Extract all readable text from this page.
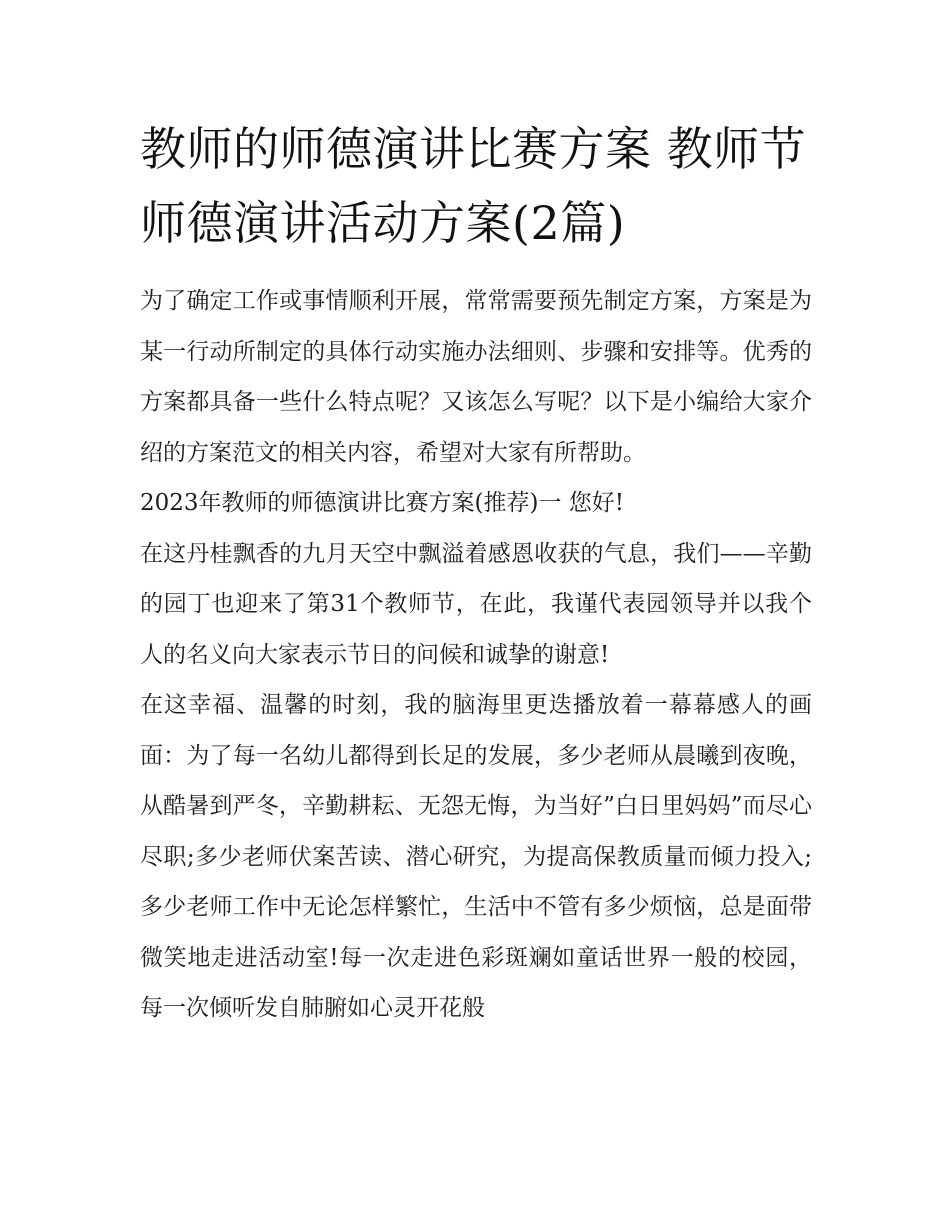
教师的师德演讲比赛方案 教师节师德演讲活动方案(2篇)

为了确定工作或事情顺利开展，常常需要预先制定方案，方案是为某一行动所制定的具体行动实施办法细则、步骤和安排等。优秀的方案都具备一些什么特点呢？又该怎么写呢？以下是小编给大家介绍的方案范文的相关内容，希望对大家有所帮助。

2023年教师的师德演讲比赛方案(推荐)一 您好!

在这丹桂飘香的九月天空中飘溢着感恩收获的气息，我们——辛勤的园丁也迎来了第31个教师节，在此，我谨代表园领导并以我个人的名义向大家表示节日的问候和诚挚的谢意!

在这幸福、温馨的时刻，我的脑海里更迭播放着一幕幕感人的画面：为了每一名幼儿都得到长足的发展，多少老师从晨曦到夜晚，从酷暑到严冬，辛勤耕耘、无怨无悔，为当好”白日里妈妈”而尽心尽职;多少老师伏案苦读、潜心研究，为提高保教质量而倾力投入;多少老师工作中无论怎样繁忙，生活中不管有多少烦恼，总是面带微笑地走进活动室!每一次走进色彩斑斓如童话世界一般的校园，每一次倾听发自肺腑如心灵开花般
